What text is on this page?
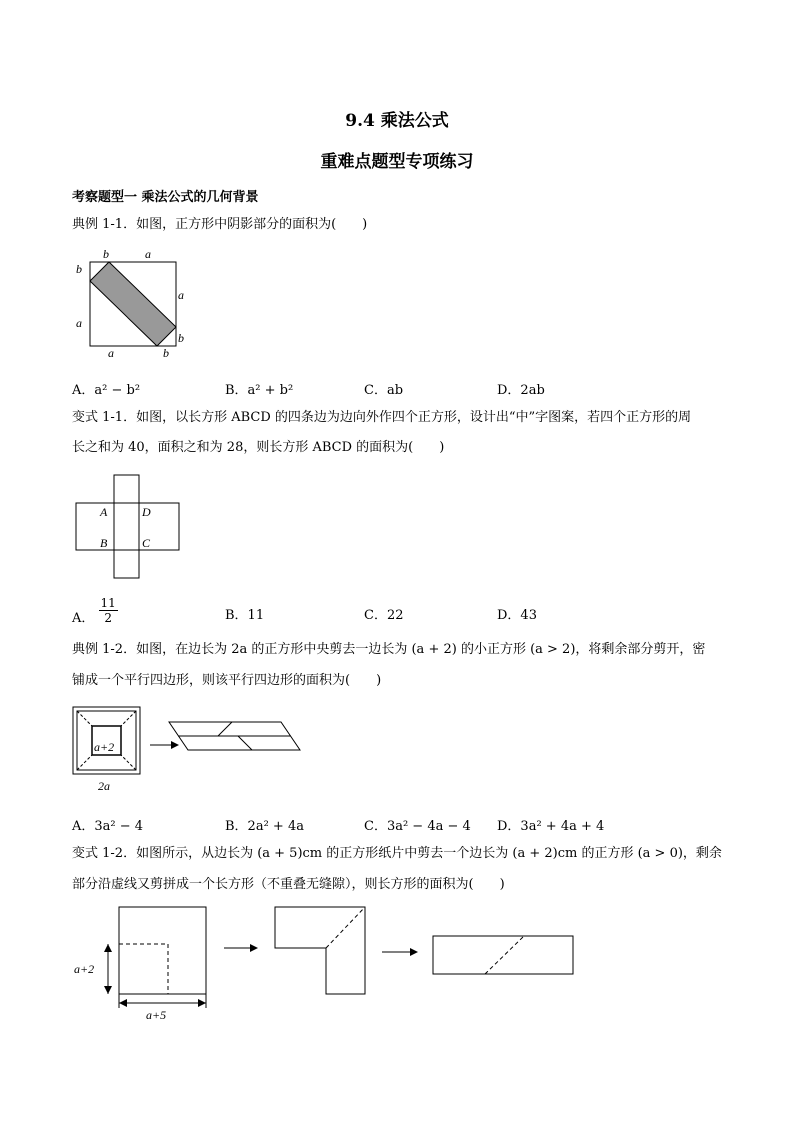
9.4 乘法公式
重难点题型专项练习
考察题型一 乘法公式的几何背景
典例 1-1．如图，正方形中阴影部分的面积为(　　)
b	a
b
a
a
b
a	b
A．a² − b²	B．a² + b²	C．ab	D．2ab
变式 1-1．如图，以长方形 ABCD 的四条边为边向外作四个正方形，设计出“中”字图案，若四个正方形的周
长之和为 40，面积之和为 28，则长方形 ABCD 的面积为(　　)
A	D
B	C
A． $\frac{11}{2}$	B．11	C．22	D．43
典例 1-2．如图，在边长为 2a 的正方形中央剪去一边长为 (a + 2) 的小正方形 (a > 2)，将剩余部分剪开，密
铺成一个平行四边形，则该平行四边形的面积为(　　)
a+2
2a
A．3a² − 4	B．2a² + 4a	C．3a² − 4a − 4 D．3a² + 4a + 4
变式 1-2．如图所示，从边长为 (a + 5)cm 的正方形纸片中剪去一个边长为 (a + 2)cm 的正方形 (a > 0)，剩余
部分沿虚线又剪拼成一个长方形（不重叠无缝隙），则长方形的面积为(　　)
a+2
a+5
